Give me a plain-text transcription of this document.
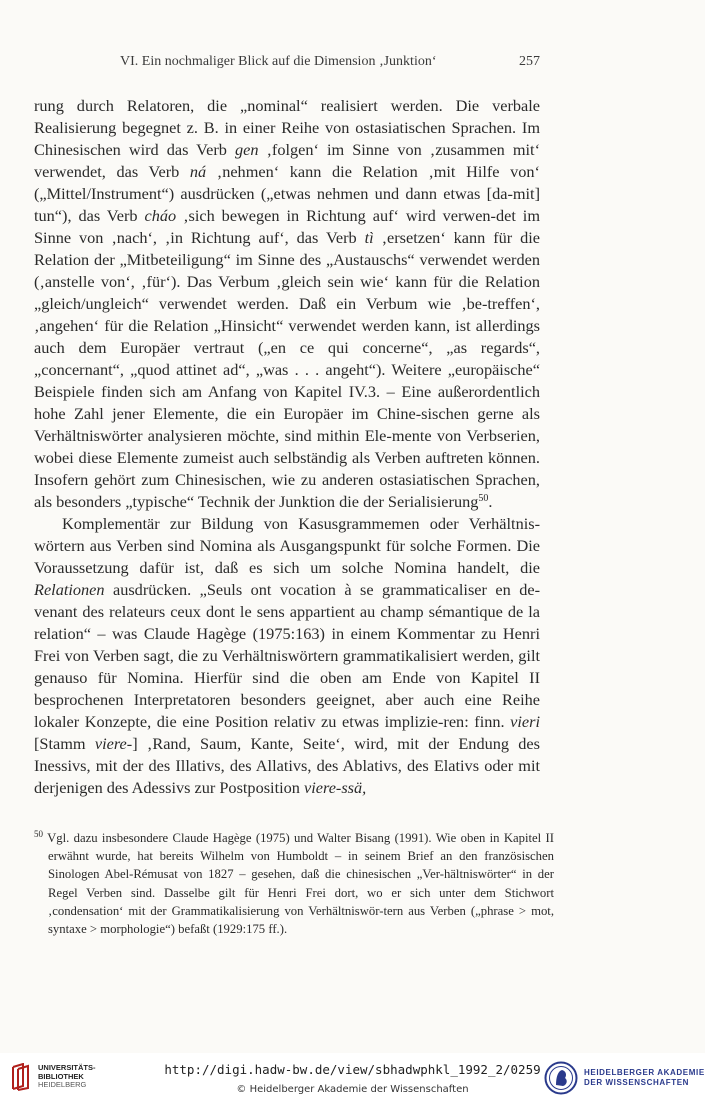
VI. Ein nochmaliger Blick auf die Dimension ‚Junktion‘	257

rung durch Relatoren, die „nominal“ realisiert werden. Die verbale Realisierung begegnet z. B. in einer Reihe von ostasiatischen Sprachen. Im Chinesischen wird das Verb gen ‚folgen‘ im Sinne von ‚zusammen mit‘ verwendet, das Verb ná ‚nehmen‘ kann die Relation ‚mit Hilfe von‘ („Mittel/Instrument“) ausdrücken („etwas nehmen und dann etwas [da-mit] tun“), das Verb cháo ‚sich bewegen in Richtung auf‘ wird verwen-det im Sinne von ‚nach‘, ‚in Richtung auf‘, das Verb tì ‚ersetzen‘ kann für die Relation der „Mitbeteiligung“ im Sinne des „Austauschs“ verwendet werden (‚anstelle von‘, ‚für‘). Das Verbum ‚gleich sein wie‘ kann für die Relation „gleich/ungleich“ verwendet werden. Daß ein Verbum wie ‚be-treffen‘, ‚angehen‘ für die Relation „Hinsicht“ verwendet werden kann, ist allerdings auch dem Europäer vertraut („en ce qui concerne“, „as regards“, „concernant“, „quod attinet ad“, „was . . . angeht“). Weitere „europäische“ Beispiele finden sich am Anfang von Kapitel IV.3. – Eine außerordentlich hohe Zahl jener Elemente, die ein Europäer im Chine-sischen gerne als Verhältniswörter analysieren möchte, sind mithin Ele-mente von Verbserien, wobei diese Elemente zumeist auch selbständig als Verben auftreten können. Insofern gehört zum Chinesischen, wie zu anderen ostasiatischen Sprachen, als besonders „typische“ Technik der Junktion die der Serialisierung$^{50}$.

Komplementär zur Bildung von Kasusgrammemen oder Verhältnis-wörtern aus Verben sind Nomina als Ausgangspunkt für solche Formen. Die Voraussetzung dafür ist, daß es sich um solche Nomina handelt, die Relationen ausdrücken. „Seuls ont vocation à se grammaticaliser en de-venant des relateurs ceux dont le sens appartient au champ sémantique de la relation“ – was Claude Hagège (1975:163) in einem Kommentar zu Henri Frei von Verben sagt, die zu Verhältniswörtern grammatikalisiert werden, gilt genauso für Nomina. Hierfür sind die oben am Ende von Kapitel II besprochenen Interpretatoren besonders geeignet, aber auch eine Reihe lokaler Konzepte, die eine Position relativ zu etwas implizie-ren: finn. vieri [Stamm viere-] ‚Rand, Saum, Kante, Seite‘, wird, mit der Endung des Inessivs, mit der des Illativs, des Allativs, des Ablativs, des Elativs oder mit derjenigen des Adessivs zur Postposition viere-ssä,

$^{50}$ Vgl. dazu insbesondere Claude Hagège (1975) und Walter Bisang (1991). Wie oben in Kapitel II erwähnt wurde, hat bereits Wilhelm von Humboldt – in seinem Brief an den französischen Sinologen Abel-Rémusat von 1827 – gesehen, daß die chinesischen „Ver-hältniswörter“ in der Regel Verben sind. Dasselbe gilt für Henri Frei dort, wo er sich unter dem Stichwort ‚condensation‘ mit der Grammatikalisierung von Verhältniswör-tern aus Verben („phrase > mot, syntaxe > morphologie“) befaßt (1929:175 ff.).
UNIVERSITÄTS-
BIBLIOTHEK
HEIDELBERG
http://digi.hadw-bw.de/view/sbhadwphkl_1992_2/0259
© Heidelberger Akademie der Wissenschaften
HEIDELBERGER AKADEMIE
DER WISSENSCHAFTEN
